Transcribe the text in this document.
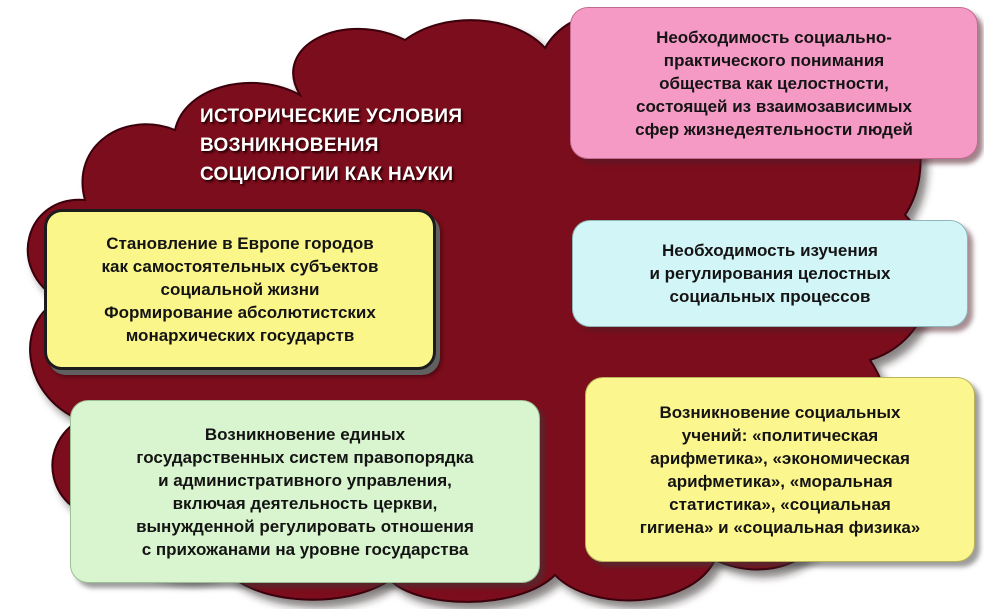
ИСТОРИЧЕСКИЕ УСЛОВИЯ
ВОЗНИКНОВЕНИЯ
СОЦИОЛОГИИ КАК НАУКИ
Необходимость социально-
практического понимания
общества как целостности,
состоящей из взаимозависимых
сфер жизнедеятельности людей
Становление в Европе городов
как самостоятельных субъектов
социальной жизни
Формирование абсолютистских
монархических государств
Необходимость изучения
и регулирования целостных
социальных процессов
Возникновение единых
государственных систем правопорядка
и административного управления,
включая деятельность церкви,
вынужденной регулировать отношения
с прихожанами на уровне государства
Возникновение социальных
учений: «политическая
арифметика», «экономическая
арифметика», «моральная
статистика», «социальная
гигиена» и «социальная физика»
